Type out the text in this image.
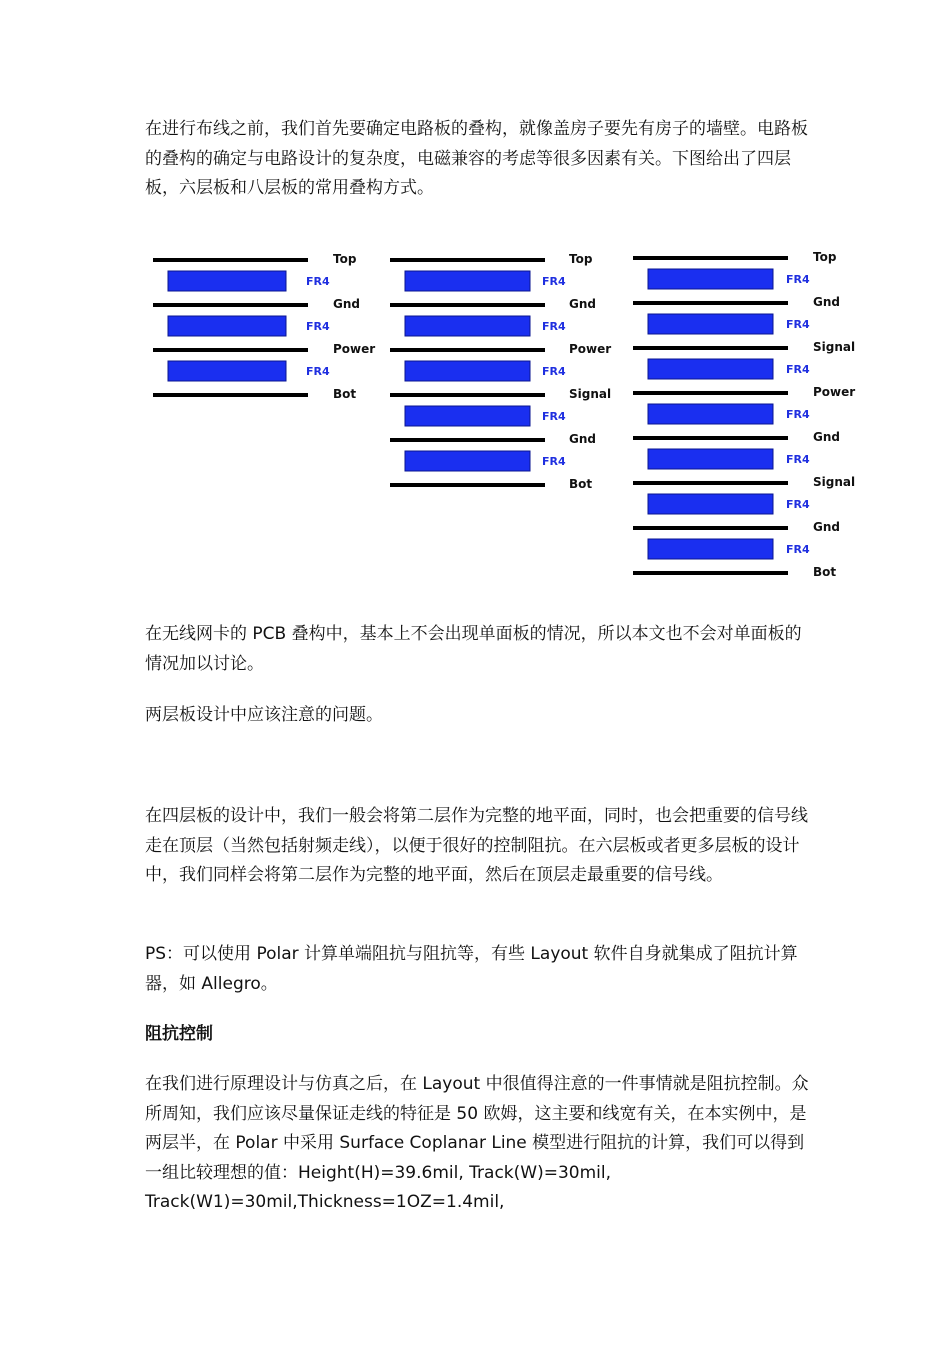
在进行布线之前，我们首先要确定电路板的叠构，就像盖房子要先有房子的墙壁。电路板的叠构的确定与电路设计的复杂度，电磁兼容的考虑等很多因素有关。下图给出了四层板，六层板和八层板的常用叠构方式。

Top
FR4
Gnd
FR4
Power
FR4
Bot
Top
FR4
Gnd
FR4
Power
FR4
Signal
FR4
Gnd
FR4
Bot
Top
FR4
Gnd
FR4
Signal
FR4
Power
FR4
Gnd
FR4
Signal
FR4
Gnd
FR4
Bot

在无线网卡的 PCB 叠构中，基本上不会出现单面板的情况，所以本文也不会对单面板的情况加以讨论。

两层板设计中应该注意的问题。

在四层板的设计中，我们一般会将第二层作为完整的地平面，同时，也会把重要的信号线走在顶层（当然包括射频走线），以便于很好的控制阻抗。在六层板或者更多层板的设计中，我们同样会将第二层作为完整的地平面，然后在顶层走最重要的信号线。

PS：可以使用 Polar 计算单端阻抗与阻抗等，有些 Layout 软件自身就集成了阻抗计算器，如 Allegro。

阻抗控制

在我们进行原理设计与仿真之后，在 Layout 中很值得注意的一件事情就是阻抗控制。众所周知，我们应该尽量保证走线的特征是 50 欧姆，这主要和线宽有关，在本实例中，是两层半，在 Polar 中采用 Surface Coplanar Line 模型进行阻抗的计算，我们可以得到一组比较理想的值：Height(H)=39.6mil, Track(W)=30mil, Track(W1)=30mil,Thickness=1OZ=1.4mil,
